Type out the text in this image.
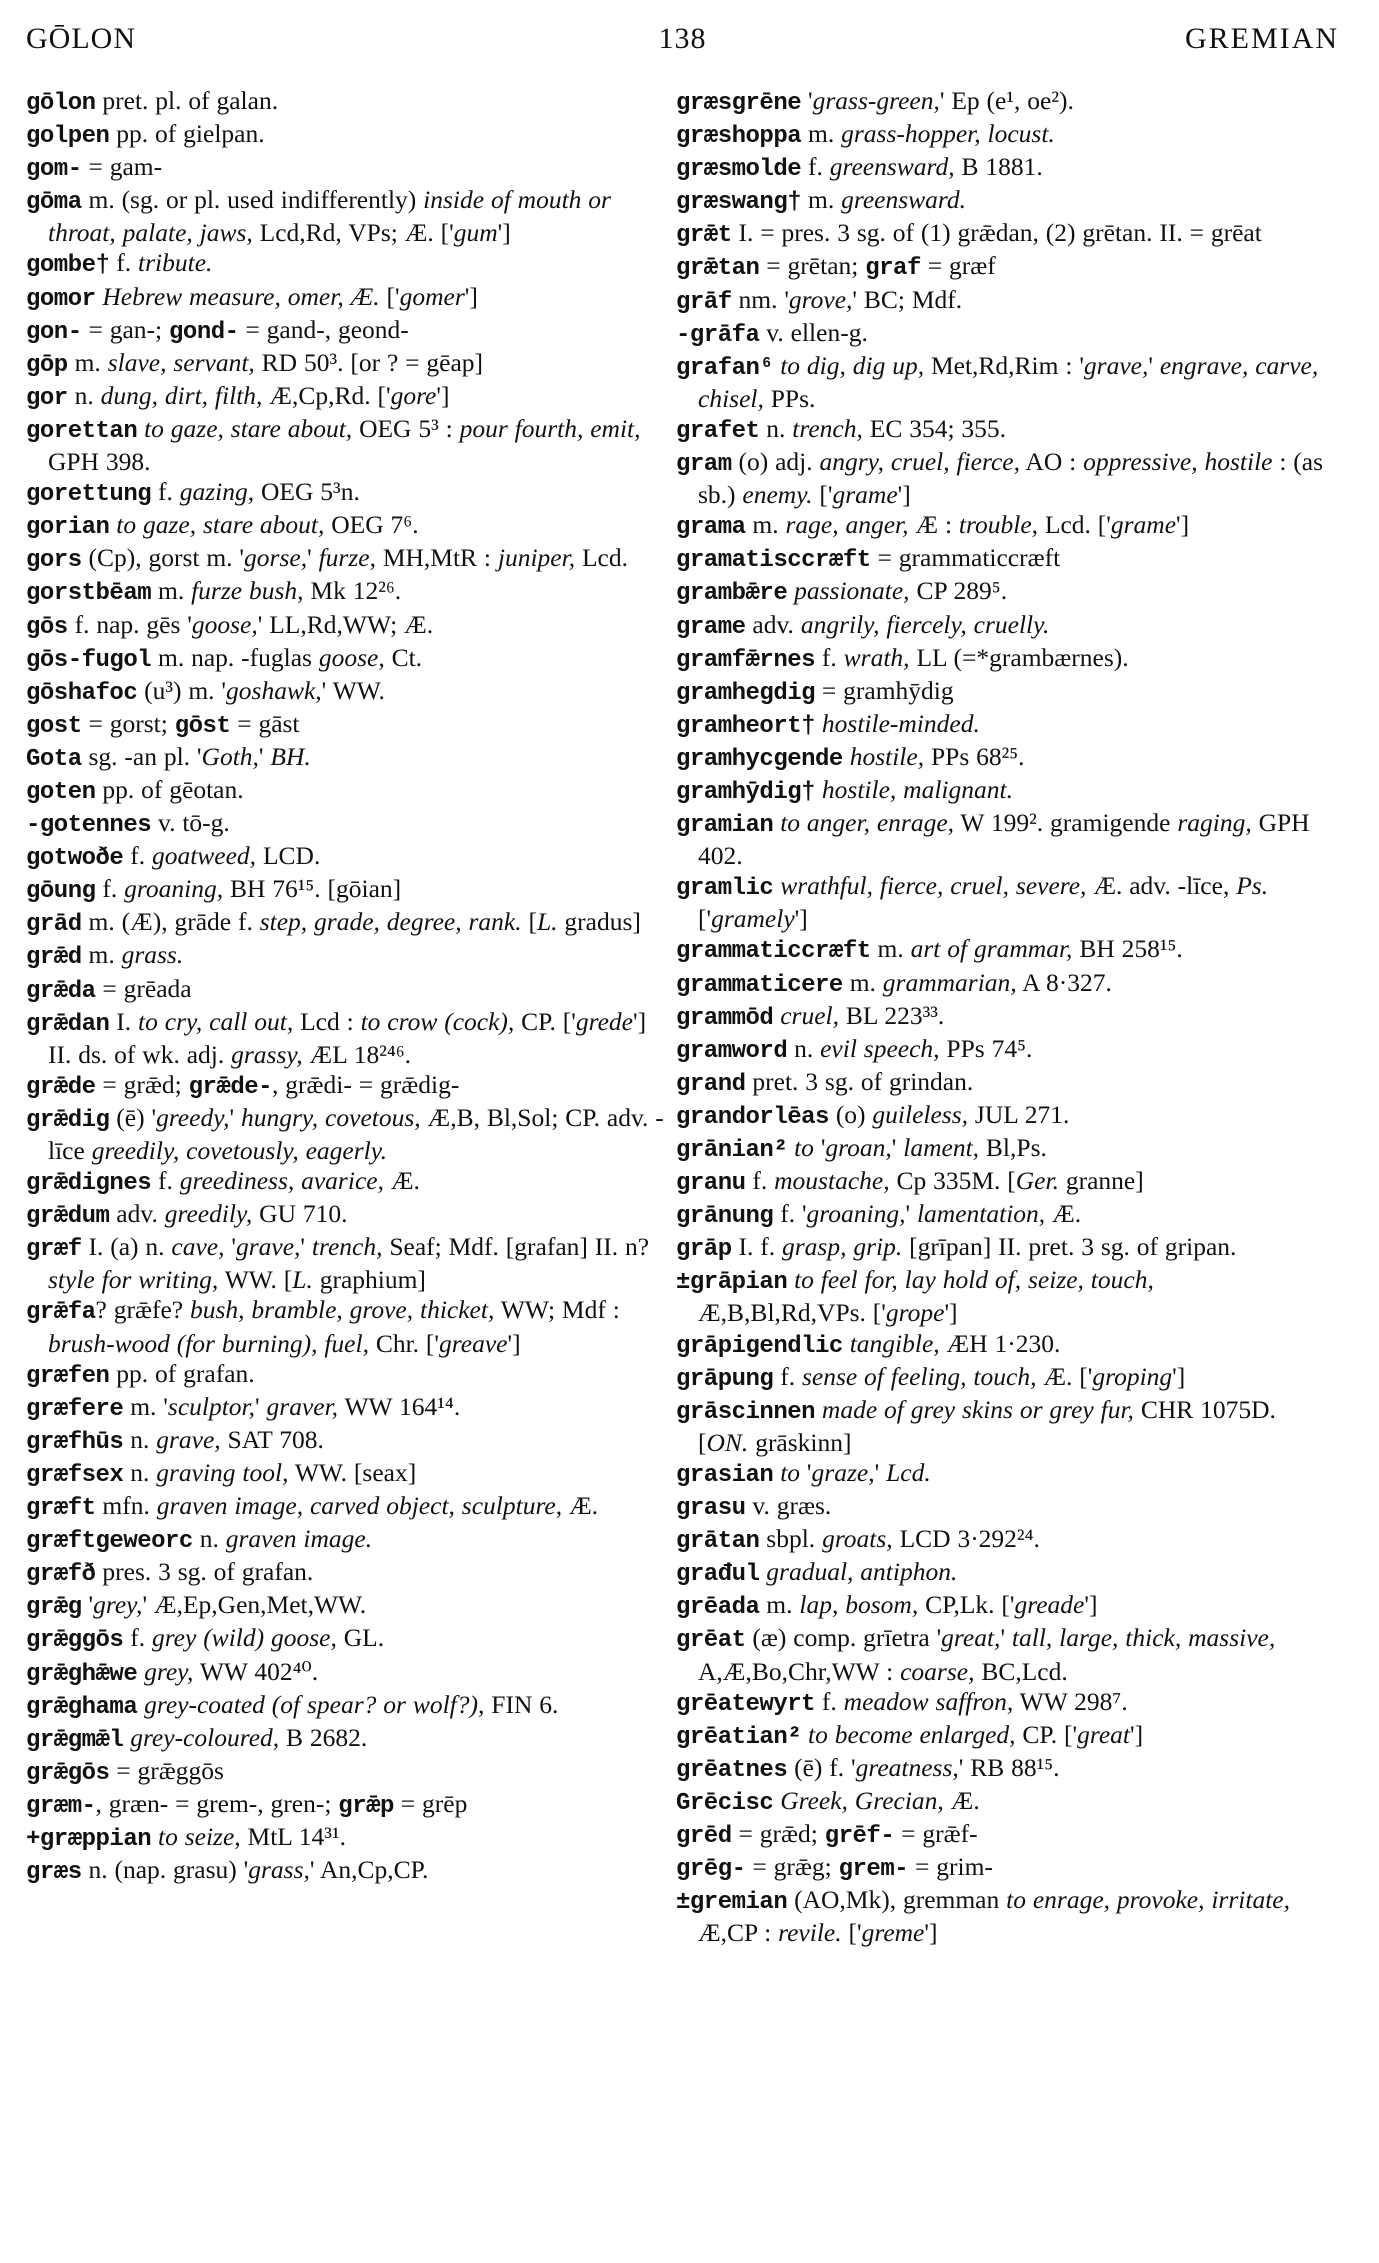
GŌLON	138	GREMIAN

gōlon pret. pl. of galan.

golpen pp. of gielpan.

gom- = gam-

gōma m. (sg. or pl. used indifferently) inside of mouth or throat, palate, jaws, Lcd,Rd, VPs; Æ. ['gum']

gombe† f. tribute.

gomor Hebrew measure, omer, Æ. ['gomer']

gon- = gan-; gond- = gand-, geond-

gōp m. slave, servant, RD 50³. [or ? = gēap]

gor n. dung, dirt, filth, Æ,Cp,Rd. ['gore']

gorettan to gaze, stare about, OEG 5³ : pour fourth, emit, GPH 398.

gorettung f. gazing, OEG 5³n.

gorian to gaze, stare about, OEG 7⁶.

gors (Cp), gorst m. 'gorse,' furze, MH,MtR : juniper, Lcd.

gorstbēam m. furze bush, Mk 12²⁶.

gōs f. nap. gēs 'goose,' LL,Rd,WW; Æ.

gōs-fugol m. nap. -fuglas goose, Ct.

gōshafoc (u³) m. 'goshawk,' WW.

gost = gorst; gōst = gāst

Gota sg. -an pl. 'Goth,' BH.

goten pp. of gēotan.

-gotennes v. tō-g.

gotwoðe f. goatweed, LCD.

gōung f. groaning, BH 76¹⁵. [gōian]

grād m. (Æ), grāde f. step, grade, degree, rank. [L. gradus]

grǣd m. grass.

grǣda = grēada

grǣdan I. to cry, call out, Lcd : to crow (cock), CP. ['grede'] II. ds. of wk. adj. grassy, ÆL 18²⁴⁶.

grǣde = grǣd; grǣde-, grǣdi- = grǣdig-

grǣdig (ē) 'greedy,' hungry, covetous, Æ,B, Bl,Sol; CP. adv. -līce greedily, covetously, eagerly.

grǣdignes f. greediness, avarice, Æ.

grǣdum adv. greedily, GU 710.

græf I. (a) n. cave, 'grave,' trench, Seaf; Mdf. [grafan] II. n? style for writing, WW. [L. graphium]

grǣfa? grǣfe? bush, bramble, grove, thicket, WW; Mdf : brush-wood (for burning), fuel, Chr. ['greave']

græfen pp. of grafan.

græfere m. 'sculptor,' graver, WW 164¹⁴.

græfhūs n. grave, SAT 708.

græfsex n. graving tool, WW. [seax]

græft mfn. graven image, carved object, sculpture, Æ.

græftgeweorc n. graven image.

græfð pres. 3 sg. of grafan.

grǣg 'grey,' Æ,Ep,Gen,Met,WW.

grǣggōs f. grey (wild) goose, GL.

grǣghǣwe grey, WW 402⁴⁰.

grǣghama grey-coated (of spear? or wolf?), FIN 6.

grǣgmǣl grey-coloured, B 2682.

grǣgōs = grǣggōs

græm-, græn- = grem-, gren-; grǣp = grēp

+græppian to seize, MtL 14³¹.

græs n. (nap. grasu) 'grass,' An,Cp,CP.

græsgrēne 'grass-green,' Ep (e¹, oe²).

græshoppa m. grass-hopper, locust.

græsmolde f. greensward, B 1881.

græswang† m. greensward.

grǣt I. = pres. 3 sg. of (1) grǣdan, (2) grētan. II. = grēat

grǣtan = grētan; graf = græf

grāf nm. 'grove,' BC; Mdf.

-grāfa v. ellen-g.

grafan⁶ to dig, dig up, Met,Rd,Rim : 'grave,' engrave, carve, chisel, PPs.

grafet n. trench, EC 354; 355.

gram (o) adj. angry, cruel, fierce, AO : oppressive, hostile : (as sb.) enemy. ['grame']

grama m. rage, anger, Æ : trouble, Lcd. ['grame']

gramatisccræft = grammaticcræft

grambǣre passionate, CP 289⁵.

grame adv. angrily, fiercely, cruelly.

gramfǣrnes f. wrath, LL (=*grambærnes).

gramhegdig = gramhȳdig

gramheort† hostile-minded.

gramhycgende hostile, PPs 68²⁵.

gramhȳdig† hostile, malignant.

gramian to anger, enrage, W 199². gramigende raging, GPH 402.

gramlic wrathful, fierce, cruel, severe, Æ. adv. -līce, Ps. ['gramely']

grammaticcræft m. art of grammar, BH 258¹⁵.

grammaticere m. grammarian, A 8·327.

grammōd cruel, BL 223³³.

gramword n. evil speech, PPs 74⁵.

grand pret. 3 sg. of grindan.

grandorlēas (o) guileless, JUL 271.

grānian² to 'groan,' lament, Bl,Ps.

granu f. moustache, Cp 335M. [Ger. granne]

grānung f. 'groaning,' lamentation, Æ.

grāp I. f. grasp, grip. [grīpan] II. pret. 3 sg. of gripan.

±grāpian to feel for, lay hold of, seize, touch, Æ,B,Bl,Rd,VPs. ['grope']

grāpigendlic tangible, ÆH 1·230.

grāpung f. sense of feeling, touch, Æ. ['groping']

grāscinnen made of grey skins or grey fur, CHR 1075D. [ON. grāskinn]

grasian to 'graze,' Lcd.

grasu v. græs.

grātan sbpl. groats, LCD 3·292²⁴.

građul gradual, antiphon.

grēada m. lap, bosom, CP,Lk. ['greade']

grēat (æ) comp. grīetra 'great,' tall, large, thick, massive, A,Æ,Bo,Chr,WW : coarse, BC,Lcd.

grēatewyrt f. meadow saffron, WW 298⁷.

grēatian² to become enlarged, CP. ['great']

grēatnes (ē) f. 'greatness,' RB 88¹⁵.

Grēcisc Greek, Grecian, Æ.

grēd = grǣd; grēf- = grǣf-

grēg- = grǣg; grem- = grim-

±gremian (AO,Mk), gremman to enrage, provoke, irritate, Æ,CP : revile. ['greme']
